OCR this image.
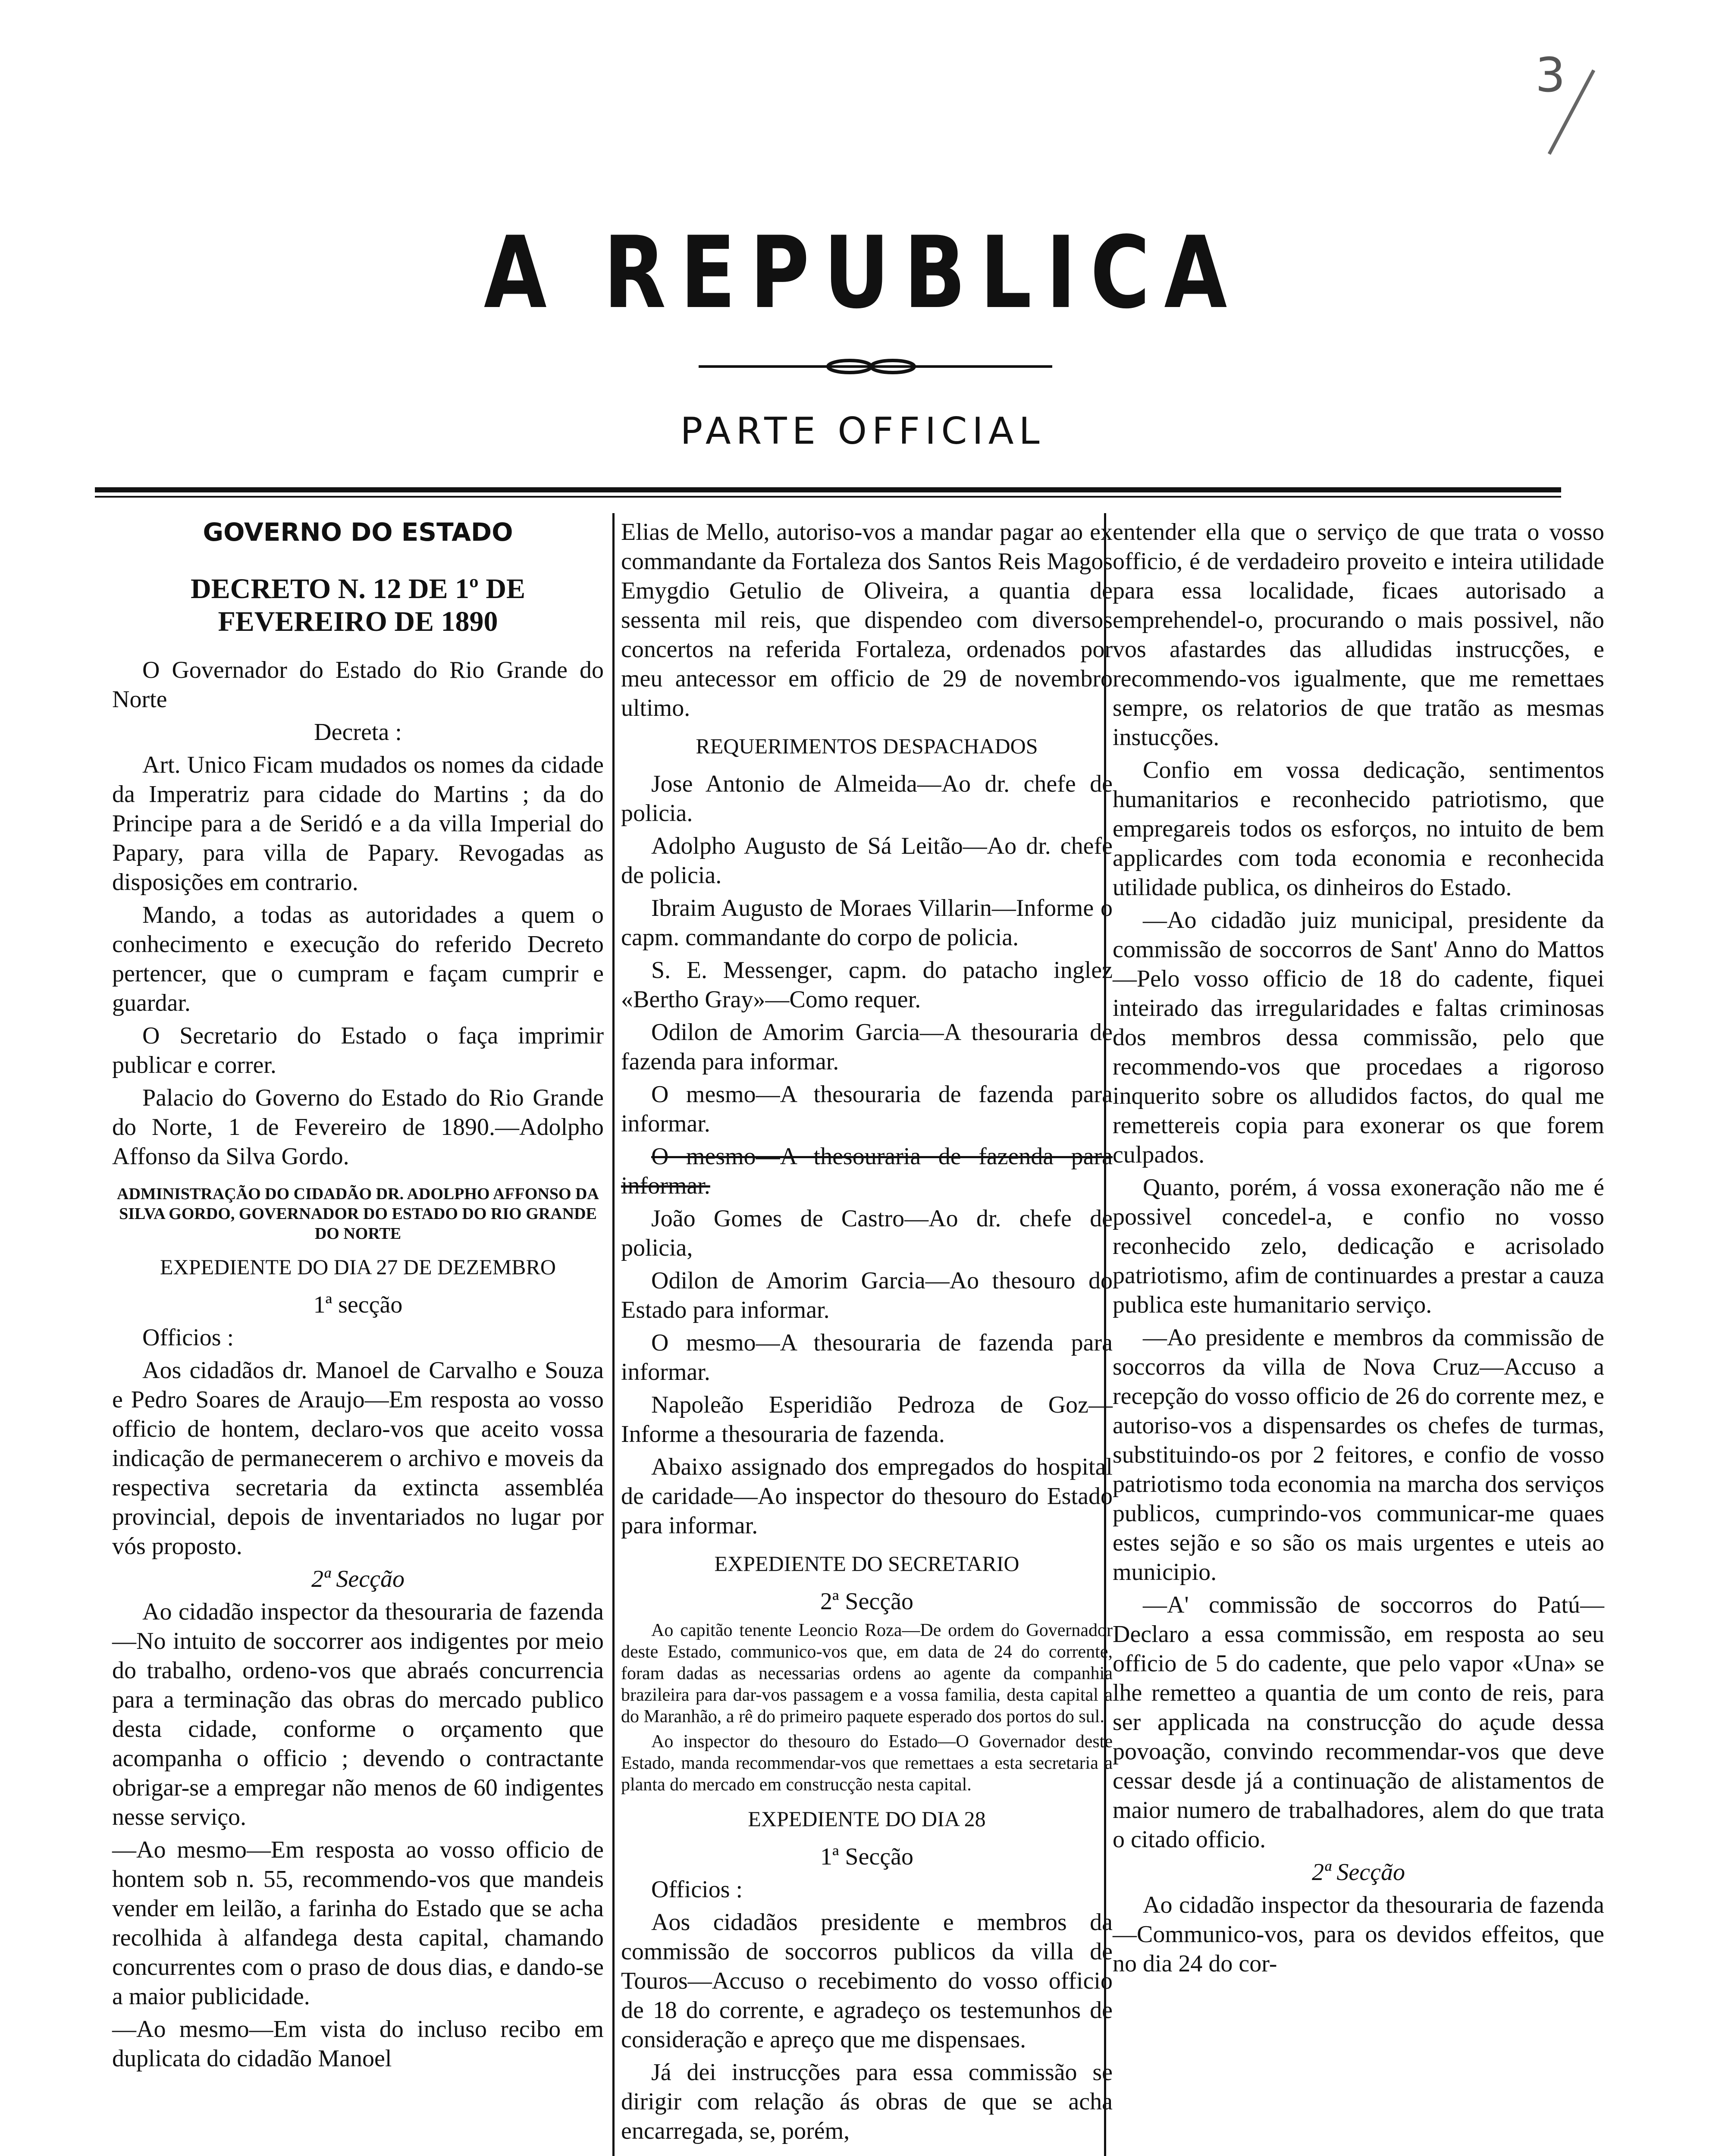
3
A REPUBLICA
PARTE OFFICIAL

GOVERNO DO ESTADO

DECRETO N. 12 DE 1º DE FEVEREIRO DE 1890

O Governador do Estado do Rio Grande do Norte

Decreta :

Art. Unico Ficam mudados os nomes da cidade da Imperatriz para cidade do Martins ; da do Principe para a de Seridó e a da villa Imperial do Papary, para villa de Papary. Revogadas as disposições em contrario.

Mando, a todas as autoridades a quem o conhecimento e execução do referido Decreto pertencer, que o cumpram e façam cumprir e guardar.

O Secretario do Estado o faça imprimir publicar e correr.

Palacio do Governo do Estado do Rio Grande do Norte, 1 de Fevereiro de 1890.—Adolpho Affonso da Silva Gordo.

ADMINISTRAÇÃO DO CIDADÃO DR. ADOLPHO AFFONSO DA SILVA GORDO, GOVERNADOR DO ESTADO DO RIO GRANDE DO NORTE

EXPEDIENTE DO DIA 27 DE DEZEMBRO

1ª secção

Officios :

Aos cidadãos dr. Manoel de Carvalho e Souza e Pedro Soares de Araujo—Em resposta ao vosso officio de hontem, declaro-vos que aceito vossa indicação de permanecerem o archivo e moveis da respectiva secretaria da extincta assembléa provincial, depois de inventariados no lugar por vós proposto.

2ª Secção

Ao cidadão inspector da thesouraria de fazenda—No intuito de soccorrer aos indigentes por meio do trabalho, ordeno-vos que abraés concurrencia para a terminação das obras do mercado publico desta cidade, conforme o orçamento que acompanha o officio ; devendo o contractante obrigar-se a empregar não menos de 60 indigentes nesse serviço.

—Ao mesmo—Em resposta ao vosso officio de hontem sob n. 55, recommendo-vos que mandeis vender em leilão, a farinha do Estado que se acha recolhida à alfandega desta capital, chamando concurrentes com o praso de dous dias, e dando-se a maior publicidade.

—Ao mesmo—Em vista do incluso recibo em duplicata do cidadão Manoel

Elias de Mello, autoriso-vos a mandar pagar ao ex commandante da Fortaleza dos Santos Reis Magos Emygdio Getulio de Oliveira, a quantia de sessenta mil reis, que dispendeo com diversos concertos na referida Fortaleza, ordenados por meu antecessor em officio de 29 de novembro ultimo.

REQUERIMENTOS DESPACHADOS

Jose Antonio de Almeida—Ao dr. chefe de policia.

Adolpho Augusto de Sá Leitão—Ao dr. chefe de policia.

Ibraim Augusto de Moraes Villarin—Informe o capm. commandante do corpo de policia.

S. E. Messenger, capm. do patacho inglez «Bertho Gray»—Como requer.

Odilon de Amorim Garcia—A thesouraria de fazenda para informar.

O mesmo—A thesouraria de fazenda para informar.

O mesmo—A thesouraria de fazenda para informar.

João Gomes de Castro—Ao dr. chefe de policia,

Odilon de Amorim Garcia—Ao thesouro do Estado para informar.

O mesmo—A thesouraria de fazenda para informar.

Napoleão Esperidião Pedroza de Goz—Informe a thesouraria de fazenda.

Abaixo assignado dos empregados do hospital de caridade—Ao inspector do thesouro do Estado para informar.

EXPEDIENTE DO SECRETARIO

2ª Secção

Ao capitão tenente Leoncio Roza—De ordem do Governador deste Estado, communico-vos que, em data de 24 do corrente, foram dadas as necessarias ordens ao agente da companhia brazileira para dar-vos passagem e a vossa familia, desta capital a do Maranhão, a rê do primeiro paquete esperado dos portos do sul.

Ao inspector do thesouro do Estado—O Governador deste Estado, manda recommendar-vos que remettaes a esta secretaria a planta do mercado em construcção nesta capital.

EXPEDIENTE DO DIA 28

1ª Secção

Officios :

Aos cidadãos presidente e membros da commissão de soccorros publicos da villa de Touros—Accuso o recebimento do vosso officio de 18 do corrente, e agradeço os testemunhos de consideração e apreço que me dispensaes.

Já dei instrucções para essa commissão se dirigir com relação ás obras de que se acha encarregada, se, porém,

entender ella que o serviço de que trata o vosso officio, é de verdadeiro proveito e inteira utilidade para essa localidade, ficaes autorisado a emprehendel-o, procurando o mais possivel, não vos afastardes das alludidas instrucções, e recommendo-vos igualmente, que me remettaes sempre, os relatorios de que tratão as mesmas instucções.

Confio em vossa dedicação, sentimentos humanitarios e reconhecido patriotismo, que empregareis todos os esforços, no intuito de bem applicardes com toda economia e reconhecida utilidade publica, os dinheiros do Estado.

—Ao cidadão juiz municipal, presidente da commissão de soccorros de Sant' Anno do Mattos—Pelo vosso officio de 18 do cadente, fiquei inteirado das irregularidades e faltas criminosas dos membros dessa commissão, pelo que recommendo-vos que procedaes a rigoroso inquerito sobre os alludidos factos, do qual me remettereis copia para exonerar os que forem culpados.

Quanto, porém, á vossa exoneração não me é possivel concedel-a, e confio no vosso reconhecido zelo, dedicação e acrisolado patriotismo, afim de continuardes a prestar a cauza publica este humanitario serviço.

—Ao presidente e membros da commissão de soccorros da villa de Nova Cruz—Accuso a recepção do vosso officio de 26 do corrente mez, e autoriso-vos a dispensardes os chefes de turmas, substituindo-os por 2 feitores, e confio de vosso patriotismo toda economia na marcha dos serviços publicos, cumprindo-vos communicar-me quaes estes sejão e so são os mais urgentes e uteis ao municipio.

—A' commissão de soccorros do Patú—Declaro a essa commissão, em resposta ao seu officio de 5 do cadente, que pelo vapor «Una» se lhe remetteo a quantia de um conto de reis, para ser applicada na construcção do açude dessa povoação, convindo recommendar-vos que deve cessar desde já a continuação de alistamentos de maior numero de trabalhadores, alem do que trata o citado officio.

2ª Secção

Ao cidadão inspector da thesouraria de fazenda—Communico-vos, para os devidos effeitos, que no dia 24 do cor-
